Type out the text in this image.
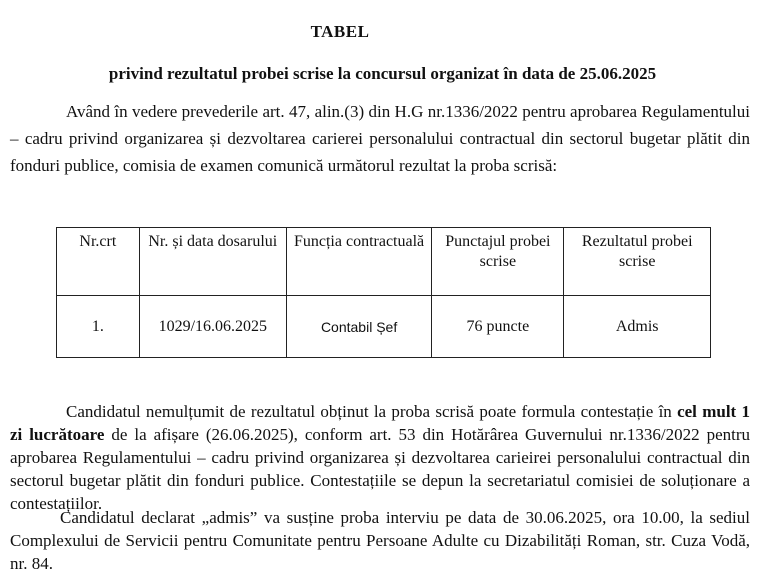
TABEL
privind rezultatul probei scrise la concursul organizat în data de 25.06.2025

Având în vedere prevederile art. 47, alin.(3) din H.G nr.1336/2022 pentru aprobarea Regulamentului – cadru privind organizarea și dezvoltarea carierei personalului contractual din sectorul bugetar plătit din fonduri publice, comisia de examen comunică următorul rezultat la proba scrisă:

Nr.crt	Nr. și data dosarului	Funcția contractuală	Punctajul probei scrise	Rezultatul probei scrise
1.	1029/16.06.2025	Contabil Șef	76 puncte	Admis

Candidatul nemulțumit de rezultatul obținut la proba scrisă poate formula contestație în cel mult 1 zi lucrătoare de la afișare (26.06.2025), conform art. 53 din Hotărârea Guvernului nr.1336/2022 pentru aprobarea Regulamentului – cadru privind organizarea și dezvoltarea carieirei personalului contractual din sectorul bugetar plătit din fonduri publice. Contestațiile se depun la secretariatul comisiei de soluționare a contestațiilor.

Candidatul declarat „admis” va susține proba interviu pe data de 30.06.2025, ora 10.00, la sediul Complexului de Servicii pentru Comunitate pentru Persoane Adulte cu Dizabilități Roman, str. Cuza Vodă, nr. 84.
